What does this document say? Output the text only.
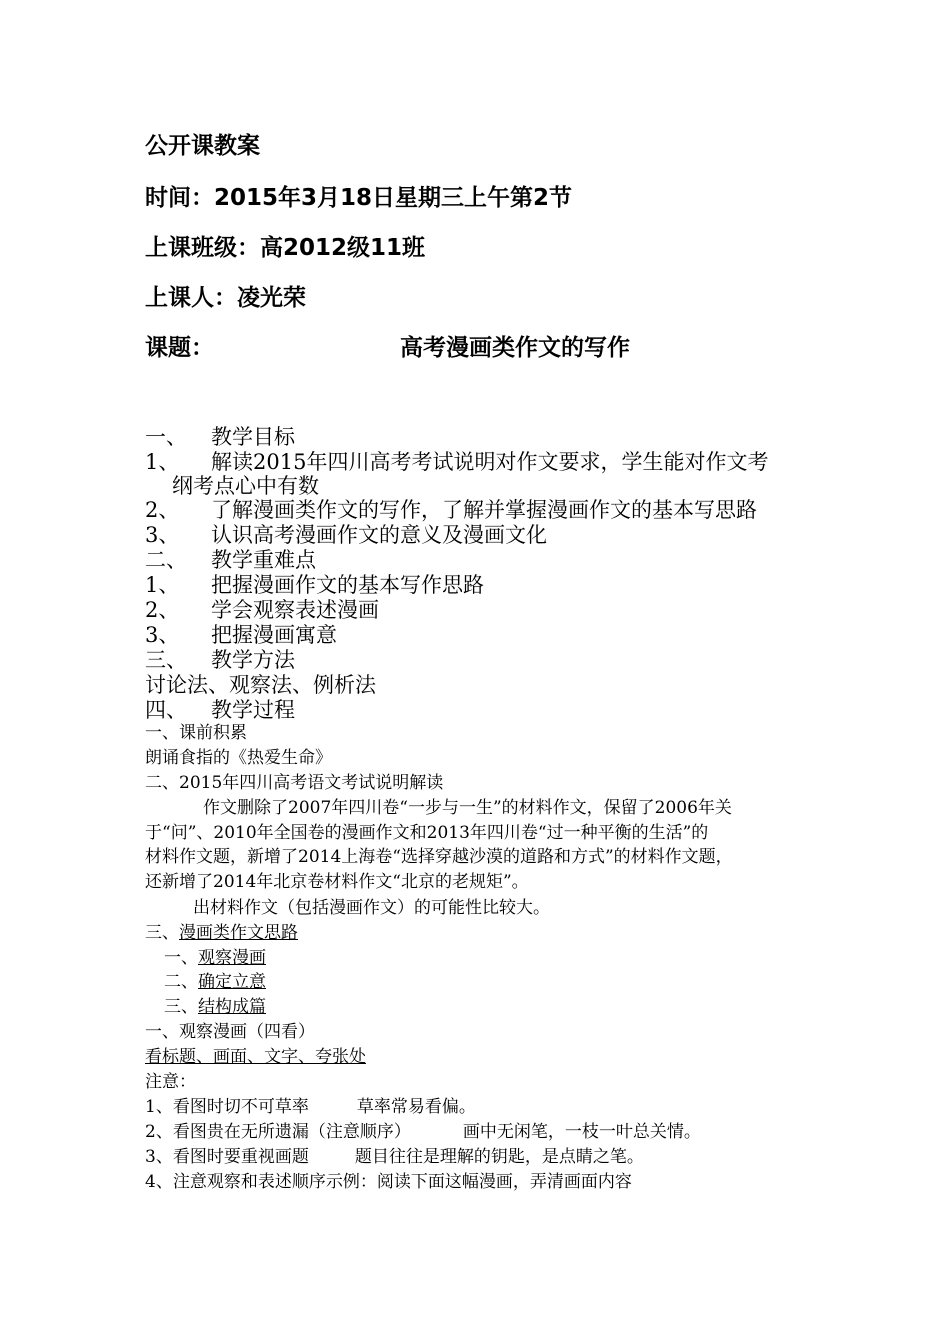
公开课教案
时间：2015年3月18日星期三上午第2节
上课班级：高2012级11班
上课人：凌光荣
课题：	高考漫画类作文的写作
一、 教学目标
1、 解读2015年四川高考考试说明对作文要求，学生能对作文考
纲考点心中有数
2、 了解漫画类作文的写作，了解并掌握漫画作文的基本写思路
3、 认识高考漫画作文的意义及漫画文化
二、 教学重难点
1、 把握漫画作文的基本写作思路
2、 学会观察表述漫画
3、 把握漫画寓意
三、 教学方法
讨论法、观察法、例析法
四、 教学过程
一、课前积累
朗诵食指的《热爱生命》
二、2015年四川高考语文考试说明解读
作文删除了2007年四川卷“一步与一生”的材料作文，保留了2006年关
于“问”、2010年全国卷的漫画作文和2013年四川卷“过一种平衡的生活”的
材料作文题，新增了2014上海卷“选择穿越沙漠的道路和方式”的材料作文题，
还新增了2014年北京卷材料作文“北京的老规矩”。
出材料作文（包括漫画作文）的可能性比较大。
三、漫画类作文思路
一、观察漫画
二、确定立意
三、结构成篇
一、观察漫画（四看）
看标题、画面、文字、夸张处
注意：
1、看图时切不可草率	草率常易看偏。
2、看图贵在无所遗漏（注意顺序）	画中无闲笔，一枝一叶总关情。
3、看图时要重视画题	题目往往是理解的钥匙，是点睛之笔。
4、注意观察和表述顺序示例：阅读下面这幅漫画，弄清画面内容
